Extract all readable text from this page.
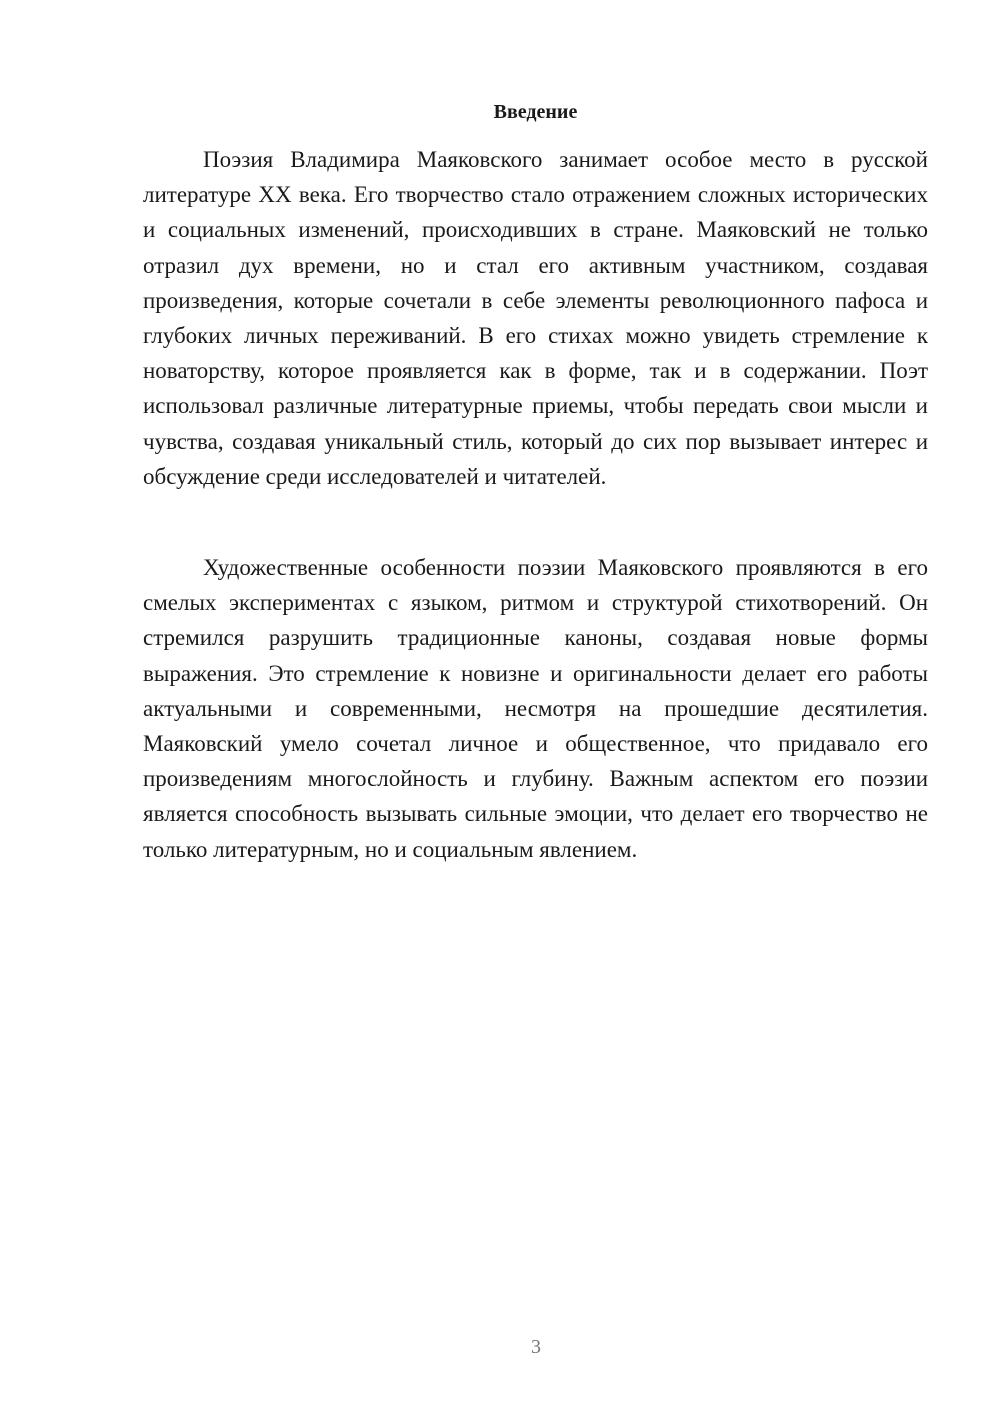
Введение

Поэзия Владимира Маяковского занимает особое место в русской литературе XX века. Его творчество стало отражением сложных исторических и социальных изменений, происходивших в стране. Маяковский не только отразил дух времени, но и стал его активным участником, создавая произведения, которые сочетали в себе элементы революционного пафоса и глубоких личных переживаний. В его стихах можно увидеть стремление к новаторству, которое проявляется как в форме, так и в содержании. Поэт использовал различные литературные приемы, чтобы передать свои мысли и чувства, создавая уникальный стиль, который до сих пор вызывает интерес и обсуждение среди исследователей и читателей.

Художественные особенности поэзии Маяковского проявляются в его смелых экспериментах с языком, ритмом и структурой стихотворений. Он стремился разрушить традиционные каноны, создавая новые формы выражения. Это стремление к новизне и оригинальности делает его работы актуальными и современными, несмотря на прошедшие десятилетия. Маяковский умело сочетал личное и общественное, что придавало его произведениям многослойность и глубину. Важным аспектом его поэзии является способность вызывать сильные эмоции, что делает его творчество не только литературным, но и социальным явлением.

3
